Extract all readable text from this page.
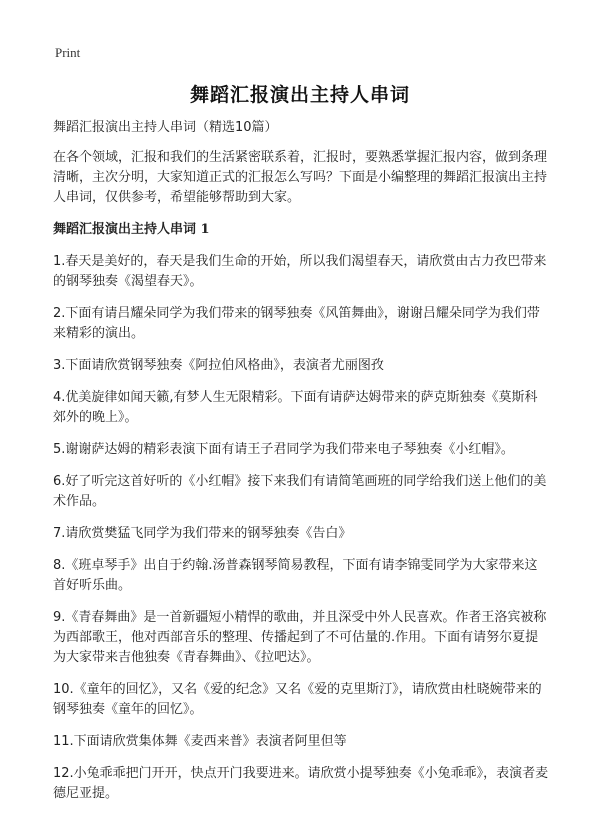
Print
舞蹈汇报演出主持人串词

舞蹈汇报演出主持人串词（精选10篇）

在各个领域，汇报和我们的生活紧密联系着，汇报时，要熟悉掌握汇报内容，做到条理清晰，主次分明，大家知道正式的汇报怎么写吗？下面是小编整理的舞蹈汇报演出主持人串词，仅供参考，希望能够帮助到大家。

舞蹈汇报演出主持人串词 1

1.春天是美好的，春天是我们生命的开始，所以我们渴望春天，请欣赏由古力孜巴带来的钢琴独奏《渴望春天》。

2.下面有请吕耀朵同学为我们带来的钢琴独奏《风笛舞曲》，谢谢吕耀朵同学为我们带来精彩的演出。

3.下面请欣赏钢琴独奏《阿拉伯风格曲》，表演者尤丽图孜

4.优美旋律如闻天籁,有梦人生无限精彩。下面有请萨达姆带来的萨克斯独奏《莫斯科郊外的晚上》。

5.谢谢萨达姆的精彩表演下面有请王子君同学为我们带来电子琴独奏《小红帽》。

6.好了听完这首好听的《小红帽》接下来我们有请简笔画班的同学给我们送上他们的美术作品。

7.请欣赏樊猛飞同学为我们带来的钢琴独奏《告白》

8.《班卓琴手》出自于约翰.汤普森钢琴简易教程，下面有请李锦雯同学为大家带来这首好听乐曲。

9.《青春舞曲》是一首新疆短小精悍的歌曲，并且深受中外人民喜欢。作者王洛宾被称为西部歌王，他对西部音乐的整理、传播起到了不可估量的.作用。下面有请努尔夏提为大家带来吉他独奏《青春舞曲》、《拉吧达》。

10.《童年的回忆》，又名《爱的纪念》又名《爱的克里斯汀》，请欣赏由杜晓婉带来的钢琴独奏《童年的回忆》。

11.下面请欣赏集体舞《麦西来普》表演者阿里但等

12.小兔乖乖把门开开，快点开门我要进来。请欣赏小提琴独奏《小兔乖乖》，表演者麦德尼亚提。
